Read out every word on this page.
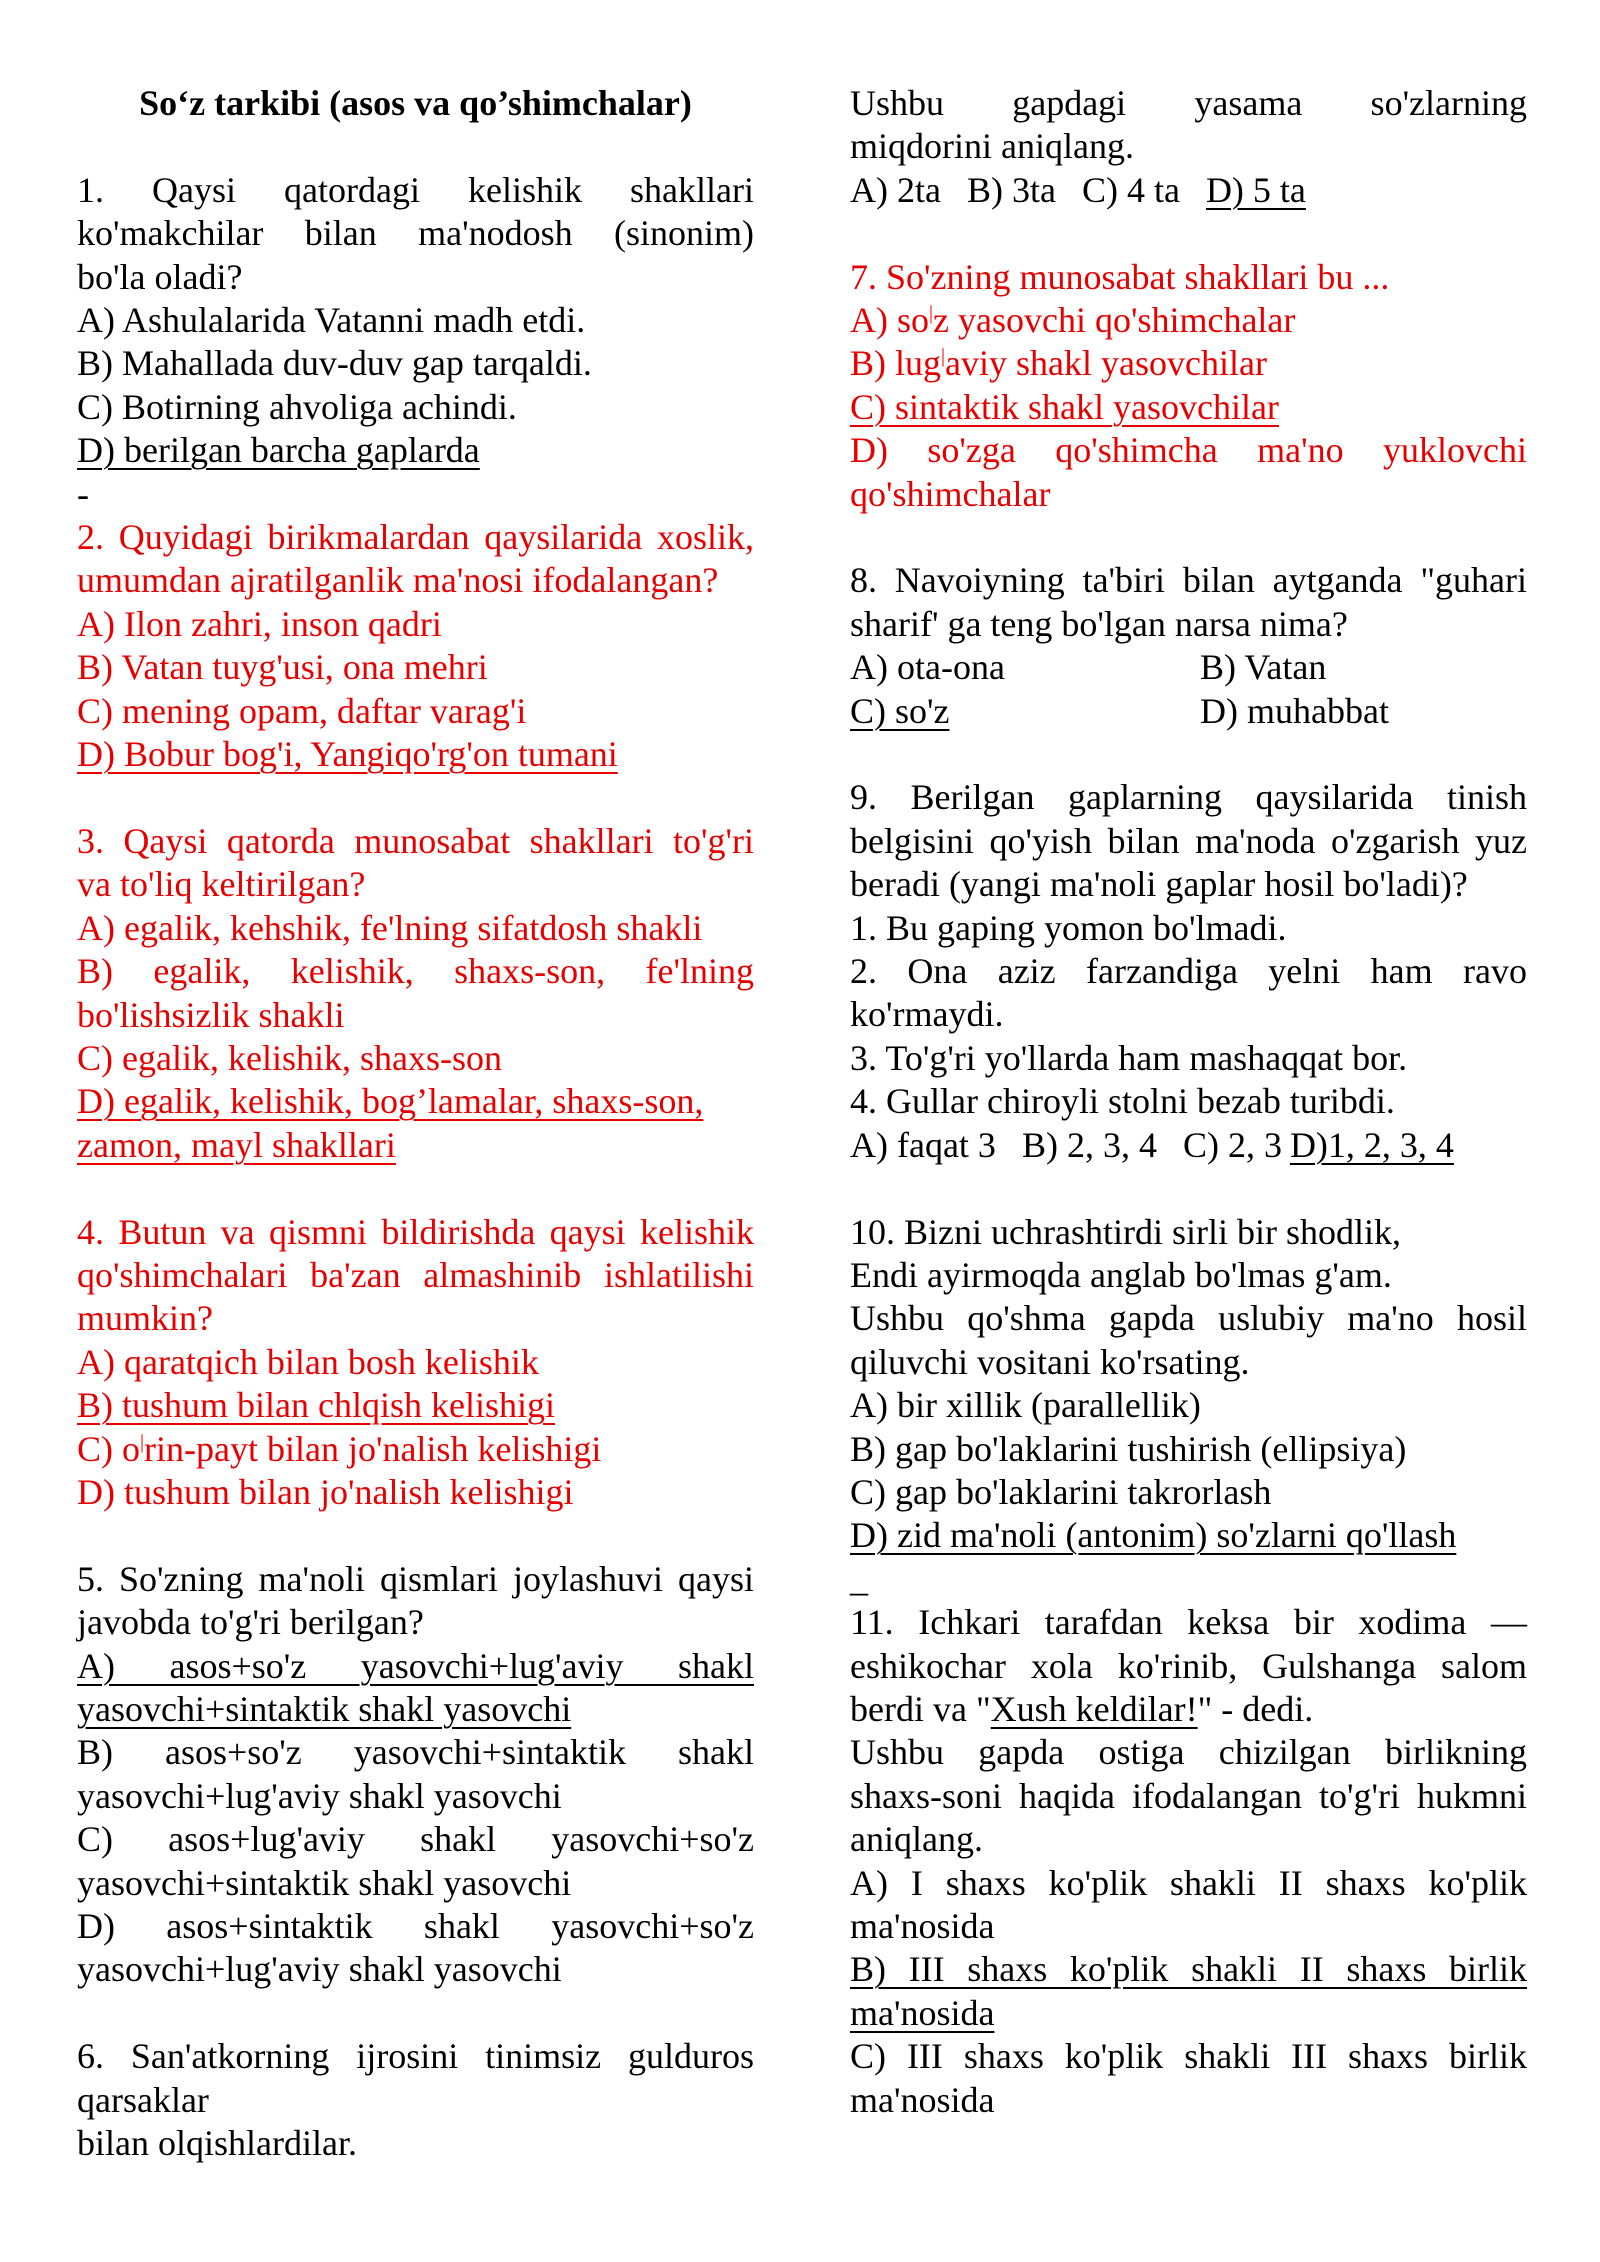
So‘z tarkibi (asos va qo’shimchalar)

1. Qaysi qatordagi kelishik shakllari

ko'makchilar bilan ma'nodosh (sinonim)

bo'la oladi?

A) Ashulalarida Vatanni madh etdi.
B) Mahallada duv-duv gap tarqaldi.
C) Botirning ahvoliga achindi.
D) berilgan barcha gaplarda
-

2. Quyidagi birikmalardan qaysilarida xoslik,

umumdan ajratilganlik ma'nosi ifodalangan?

A) Ilon zahri, inson qadri
B) Vatan tuyg'usi, ona mehri
C) mening opam, daftar varag'i
D) Bobur bog'i, Yangiqo'rg'on tumani

3. Qaysi qatorda munosabat shakllari to'g'ri

va to'liq keltirilgan?

A) egalik, kehshik, fe'lning sifatdosh shakli
B) egalik, kelishik, shaxs-son, fe'lning
bo'lishsizlik shakli
C) egalik, kelishik, shaxs-son
D) egalik, kelishik, bog’lamalar, shaxs-son,
zamon, mayl shakllari

4. Butun va qismni bildirishda qaysi kelishik

qo'shimchalari ba'zan almashinib ishlatilishi

mumkin?

A) qaratqich bilan bosh kelishik
B) tushum bilan chlqish kelishigi
C) o|rin-payt bilan jo'nalish kelishigi
D) tushum bilan jo'nalish kelishigi

5. So'zning ma'noli qismlari joylashuvi qaysi

javobda to'g'ri berilgan?

A) asos+so'z yasovchi+lug'aviy shakl
yasovchi+sintaktik shakl yasovchi
B) asos+so'z yasovchi+sintaktik shakl
yasovchi+lug'aviy shakl yasovchi
C) asos+lug'aviy shakl yasovchi+so'z
yasovchi+sintaktik shakl yasovchi
D) asos+sintaktik shakl yasovchi+so'z
yasovchi+lug'aviy shakl yasovchi

6. San'atkorning ijrosini tinimsiz gulduros

qarsaklar

bilan olqishlardilar.

Ushbu gapdagi yasama so'zlarning

miqdorini aniqlang.

A) 2ta B) 3ta C) 4 ta D) 5 ta

7. So'zning munosabat shakllari bu ...

A) so|z yasovchi qo'shimchalar
B) lug|aviy shakl yasovchilar
C) sintaktik shakl yasovchilar
D) so'zga qo'shimcha ma'no yuklovchi
qo'shimchalar

8. Navoiyning ta'biri bilan aytganda "guhari

sharif' ga teng bo'lgan narsa nima?

A) ota-ona	B) Vatan
C) so'z	D) muhabbat

9. Berilgan gaplarning qaysilarida tinish

belgisini qo'yish bilan ma'noda o'zgarish yuz

beradi (yangi ma'noli gaplar hosil bo'ladi)?

1. Bu gaping yomon bo'lmadi.

2. Ona aziz farzandiga yelni ham ravo

ko'rmaydi.

3. To'g'ri yo'llarda ham mashaqqat bor.

4. Gullar chiroyli stolni bezab turibdi.

A) faqat 3 B) 2, 3, 4 C) 2, 3 D)1, 2, 3, 4

10. Bizni uchrashtirdi sirli bir shodlik,

Endi ayirmoqda anglab bo'lmas g'am.

Ushbu qo'shma gapda uslubiy ma'no hosil

qiluvchi vositani ko'rsating.

A) bir xillik (parallellik)
B) gap bo'laklarini tushirish (ellipsiya)
C) gap bo'laklarini takrorlash
D) zid ma'noli (antonim) so'zlarni qo'llash
_

11. Ichkari tarafdan keksa bir xodima —

eshikochar xola ko'rinib, Gulshanga salom

berdi va "Xush keldilar!" - dedi.

Ushbu gapda ostiga chizilgan birlikning

shaxs-soni haqida ifodalangan to'g'ri hukmni

aniqlang.

A) I shaxs ko'plik shakli II shaxs ko'plik
ma'nosida
B) III shaxs ko'plik shakli II shaxs birlik
ma'nosida
C) III shaxs ko'plik shakli III shaxs birlik
ma'nosida
